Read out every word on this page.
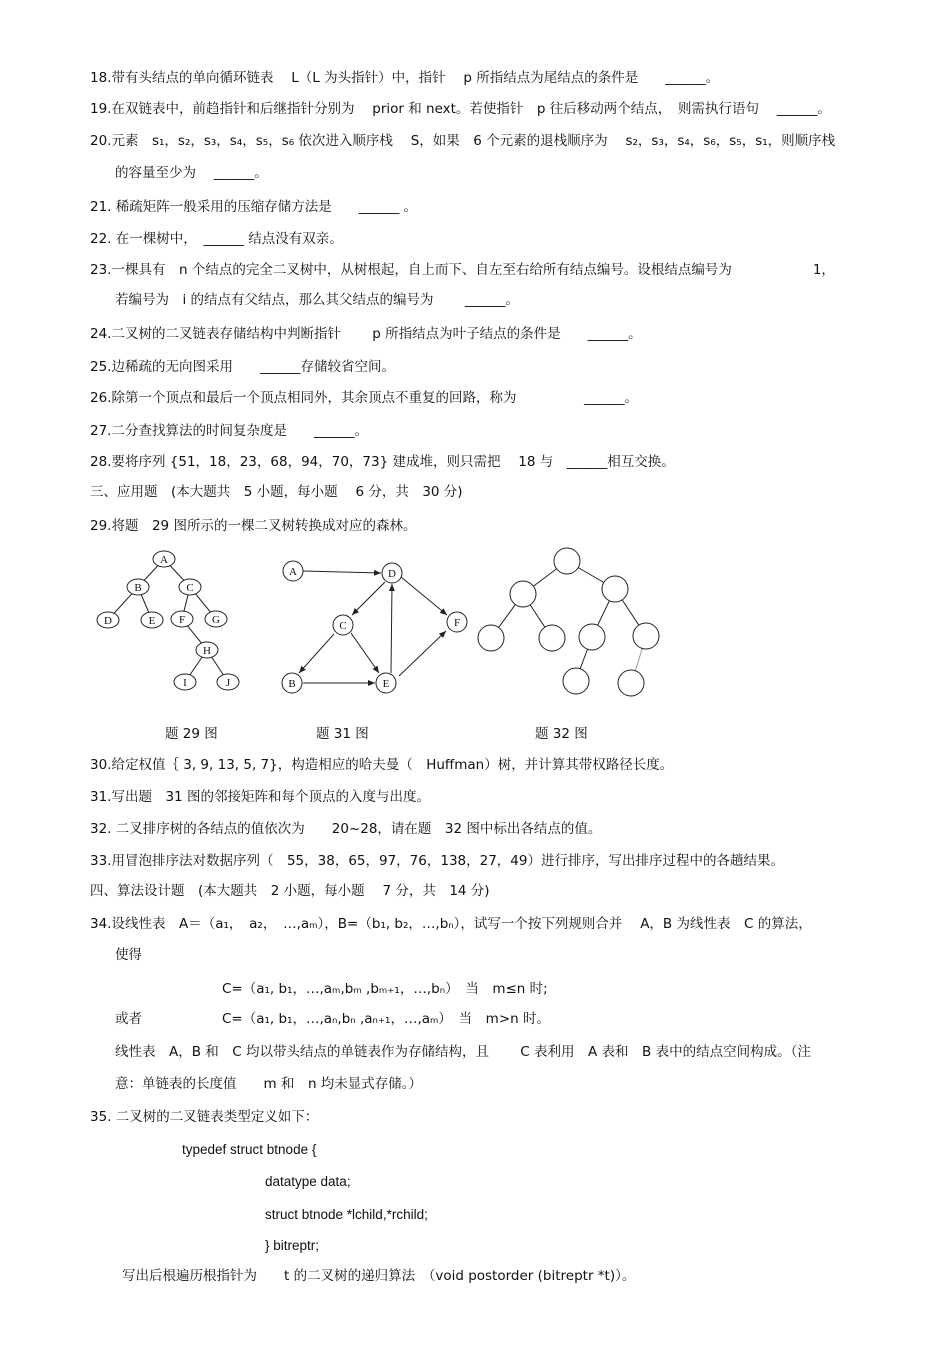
18.带有头结点的单向循环链表　 L（L 为头指针）中，指针　 p 所指结点为尾结点的条件是　　______。
19.在双链表中，前趋指针和后继指针分别为　 prior 和 next。若使指针　p 往后移动两个结点，　则需执行语句　 ______。
20.元素　s₁，s₂，s₃，s₄，s₅，s₆ 依次进入顺序栈　 S，如果　6 个元素的退栈顺序为　 s₂，s₃，s₄，s₆，s₅，s₁，则顺序栈
的容量至少为　 ______。
21. 稀疏矩阵一般采用的压缩存储方法是　　______ 。
22. 在一棵树中，　______ 结点没有双亲。
23.一棵具有　n 个结点的完全二叉树中，从树根起，自上而下、自左至右给所有结点编号。设根结点编号为　　　　　　1，
若编号为　i 的结点有父结点，那么其父结点的编号为　　 ______。
24.二叉树的二叉链表存储结构中判断指针　　 p 所指结点为叶子结点的条件是　　______。
25.边稀疏的无向图采用　　______存储较省空间。
26.除第一个顶点和最后一个顶点相同外，其余顶点不重复的回路，称为　　　　　______。
27.二分查找算法的时间复杂度是　　______。
28.要将序列 {51，18，23，68，94，70，73} 建成堆，则只需把　 18 与　______相互交换。
三、应用题　(本大题共　5 小题，每小题　 6 分，共　30 分)
29.将题　29 图所示的一棵二叉树转换成对应的森林。
A
B	C
D	E F G
H
I	J
A	D
C	F
B	E
题 29 图	题 31 图	题 32 图
30.给定权值｛ 3, 9, 13, 5, 7}，构造相应的哈夫曼（　Huffman）树，并计算其带权路径长度。
31.写出题　31 图的邻接矩阵和每个顶点的入度与出度。
32. 二叉排序树的各结点的值依次为　　20~28，请在题　32 图中标出各结点的值。
33.用冒泡排序法对数据序列（　55，38，65，97，76，138，27，49）进行排序，写出排序过程中的各趟结果。
四、算法设计题　(本大题共　2 小题，每小题　 7 分，共　14 分)
34.设线性表　A＝（a₁，　a₂，　…,aₘ），B=（b₁, b₂，…,bₙ），试写一个按下列规则合并　 A，B 为线性表　C 的算法，
使得
C=（a₁, b₁，…,aₘ,bₘ ,bₘ₊₁，…,bₙ）　当　m≤n 时;
或者	C=（a₁, b₁，…,aₙ,bₙ ,aₙ₊₁，…,aₘ）　当　m>n 时。
线性表　A，B 和　C 均以带头结点的单链表作为存储结构，且　　 C 表利用　A 表和　B 表中的结点空间构成。（注
意：单链表的长度值　　m 和　n 均未显式存储。）
35. 二叉树的二叉链表类型定义如下：
typedef struct btnode {
datatype data;
struct btnode *lchild,*rchild;
} bitreptr;
写出后根遍历根指针为　　t 的二叉树的递归算法　（void postorder (bitreptr *t)）。
